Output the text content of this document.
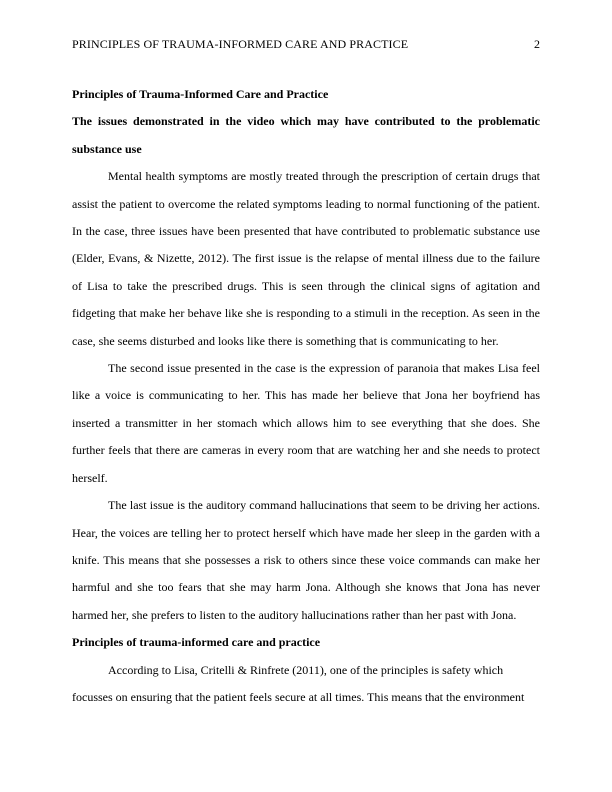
PRINCIPLES OF TRAUMA-INFORMED CARE AND PRACTICE	2

Principles of Trauma-Informed Care and Practice

The issues demonstrated in the video which may have contributed to the problematic substance use

Mental health symptoms are mostly treated through the prescription of certain drugs that assist the patient to overcome the related symptoms leading to normal functioning of the patient. In the case, three issues have been presented that have contributed to problematic substance use (Elder, Evans, & Nizette, 2012). The first issue is the relapse of mental illness due to the failure of Lisa to take the prescribed drugs. This is seen through the clinical signs of agitation and fidgeting that make her behave like she is responding to a stimuli in the reception. As seen in the case, she seems disturbed and looks like there is something that is communicating to her.

The second issue presented in the case is the expression of paranoia that makes Lisa feel like a voice is communicating to her. This has made her believe that Jona her boyfriend has inserted a transmitter in her stomach which allows him to see everything that she does. She further feels that there are cameras in every room that are watching her and she needs to protect herself.

The last issue is the auditory command hallucinations that seem to be driving her actions. Hear, the voices are telling her to protect herself which have made her sleep in the garden with a knife. This means that she possesses a risk to others since these voice commands can make her harmful and she too fears that she may harm Jona. Although she knows that Jona has never harmed her, she prefers to listen to the auditory hallucinations rather than her past with Jona.

Principles of trauma-informed care and practice

According to Lisa, Critelli & Rinfrete (2011), one of the principles is safety which focusses on ensuring that the patient feels secure at all times. This means that the environment
